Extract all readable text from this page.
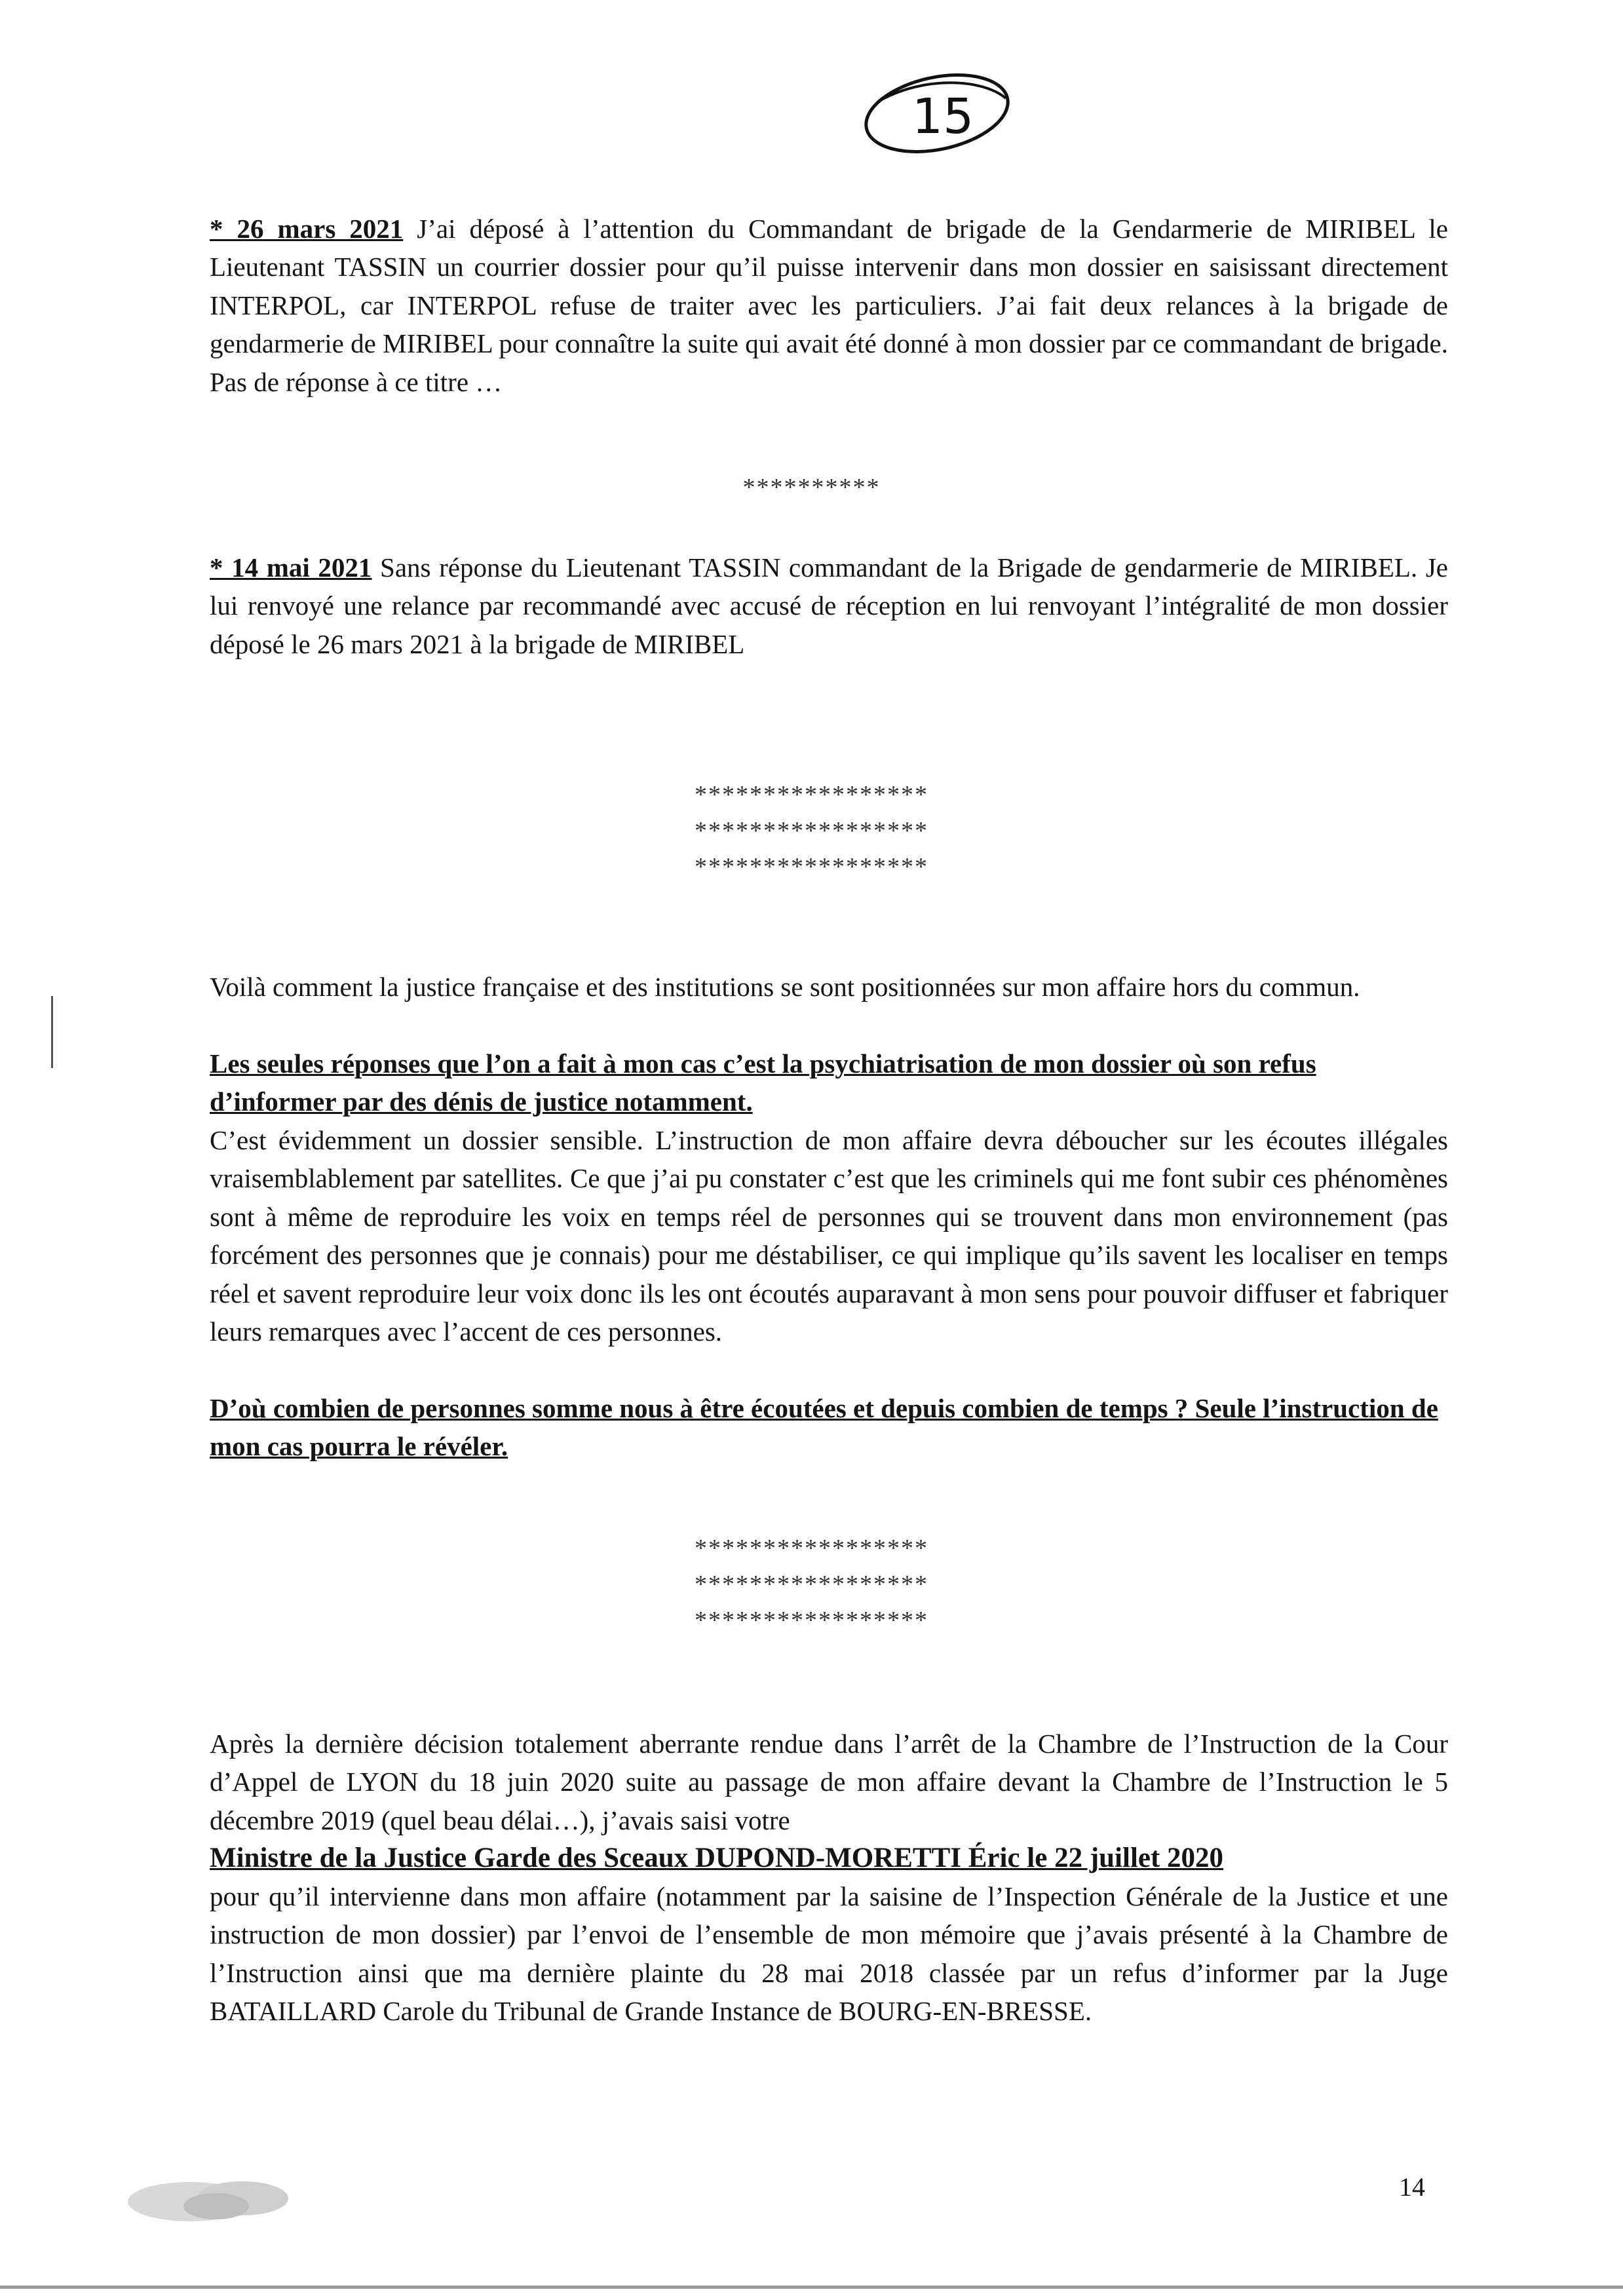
15

* 26 mars 2021 J’ai déposé à l’attention du Commandant de brigade de la Gendarmerie de MIRIBEL le Lieutenant TASSIN un courrier dossier pour qu’il puisse intervenir dans mon dossier en saisissant directement INTERPOL, car INTERPOL refuse de traiter avec les particuliers. J’ai fait deux relances à la brigade de gendarmerie de MIRIBEL pour connaître la suite qui avait été donné à mon dossier par ce commandant de brigade. Pas de réponse à ce titre …

**********

* 14 mai 2021 Sans réponse du Lieutenant TASSIN commandant de la Brigade de gendarmerie de MIRIBEL. Je lui renvoyé une relance par recommandé avec accusé de réception en lui renvoyant l’intégralité de mon dossier déposé le 26 mars 2021 à la brigade de MIRIBEL

*****************
*****************
*****************

Voilà comment la justice française et des institutions se sont positionnées sur mon affaire hors du commun.

Les seules réponses que l’on a fait à mon cas c’est la psychiatrisation de mon dossier où son refus d’informer par des dénis de justice notamment.

C’est évidemment un dossier sensible. L’instruction de mon affaire devra déboucher sur les écoutes illégales vraisemblablement par satellites. Ce que j’ai pu constater c’est que les criminels qui me font subir ces phénomènes sont à même de reproduire les voix en temps réel de personnes qui se trouvent dans mon environnement (pas forcément des personnes que je connais) pour me déstabiliser, ce qui implique qu’ils savent les localiser en temps réel et savent reproduire leur voix donc ils les ont écoutés auparavant à mon sens pour pouvoir diffuser et fabriquer leurs remarques avec l’accent de ces personnes.

D’où combien de personnes somme nous à être écoutées et depuis combien de temps ? Seule l’instruction de mon cas pourra le révéler.

*****************
*****************
*****************

Après la dernière décision totalement aberrante rendue dans l’arrêt de la Chambre de l’Instruction de la Cour d’Appel de LYON du 18 juin 2020 suite au passage de mon affaire devant la Chambre de l’Instruction le 5 décembre 2019 (quel beau délai…), j’avais saisi votre

Ministre de la Justice Garde des Sceaux DUPOND-MORETTI Éric le 22 juillet 2020

pour qu’il intervienne dans mon affaire (notamment par la saisine de l’Inspection Générale de la Justice et une instruction de mon dossier) par l’envoi de l’ensemble de mon mémoire que j’avais présenté à la Chambre de l’Instruction ainsi que ma dernière plainte du 28 mai 2018 classée par un refus d’informer par la Juge BATAILLARD Carole du Tribunal de Grande Instance de BOURG-EN-BRESSE.

14
